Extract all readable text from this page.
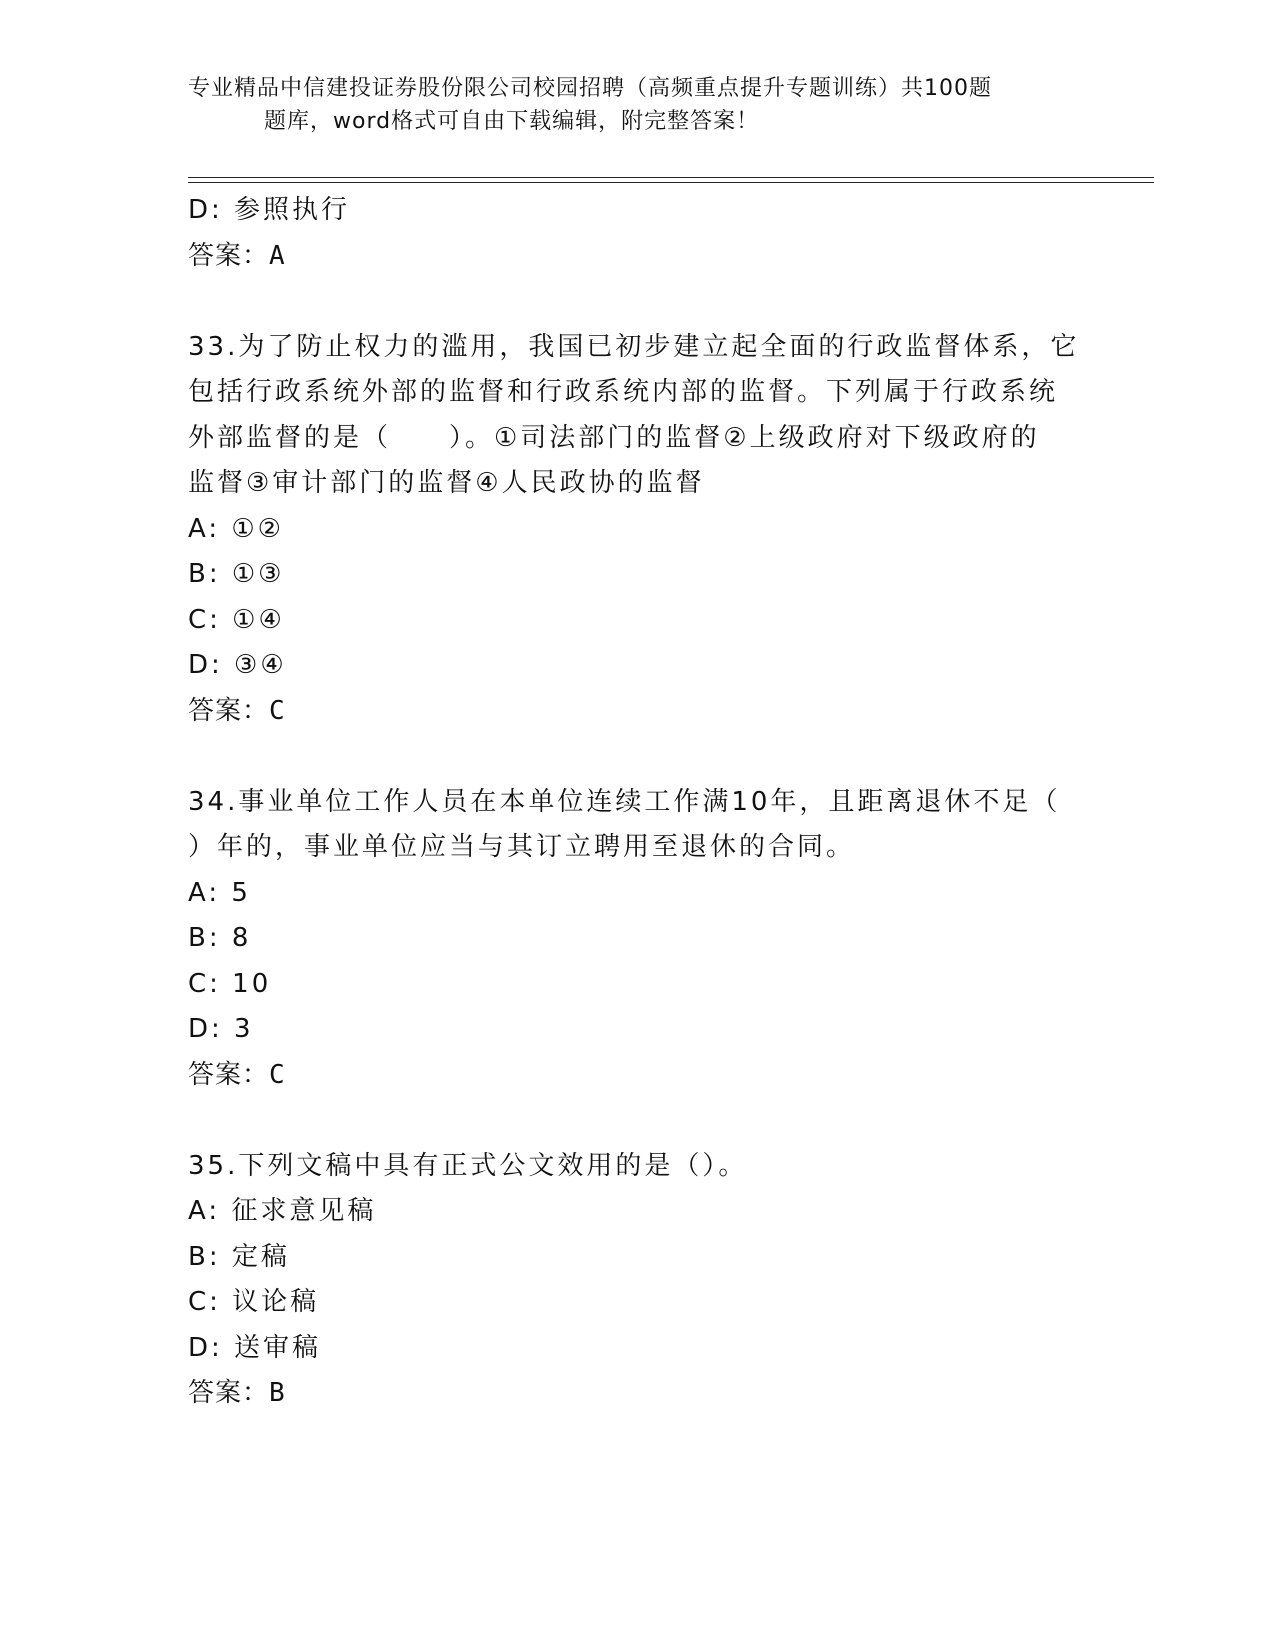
专业精品中信建投证券股份限公司校园招聘（高频重点提升专题训练）共100题
题库，word格式可自由下载编辑，附完整答案！
D: 参照执行
答案：A
33.为了防止权力的滥用，我国已初步建立起全面的行政监督体系，它
包括行政系统外部的监督和行政系统内部的监督。下列属于行政系统
外部监督的是（　　）。①司法部门的监督②上级政府对下级政府的
监督③审计部门的监督④人民政协的监督
A: ①②
B: ①③
C: ①④
D: ③④
答案：C
34.事业单位工作人员在本单位连续工作满10年，且距离退休不足（
）年的，事业单位应当与其订立聘用至退休的合同。
A: 5
B: 8
C: 10
D: 3
答案：C
35.下列文稿中具有正式公文效用的是（）。
A: 征求意见稿
B: 定稿
C: 议论稿
D: 送审稿
答案：B
